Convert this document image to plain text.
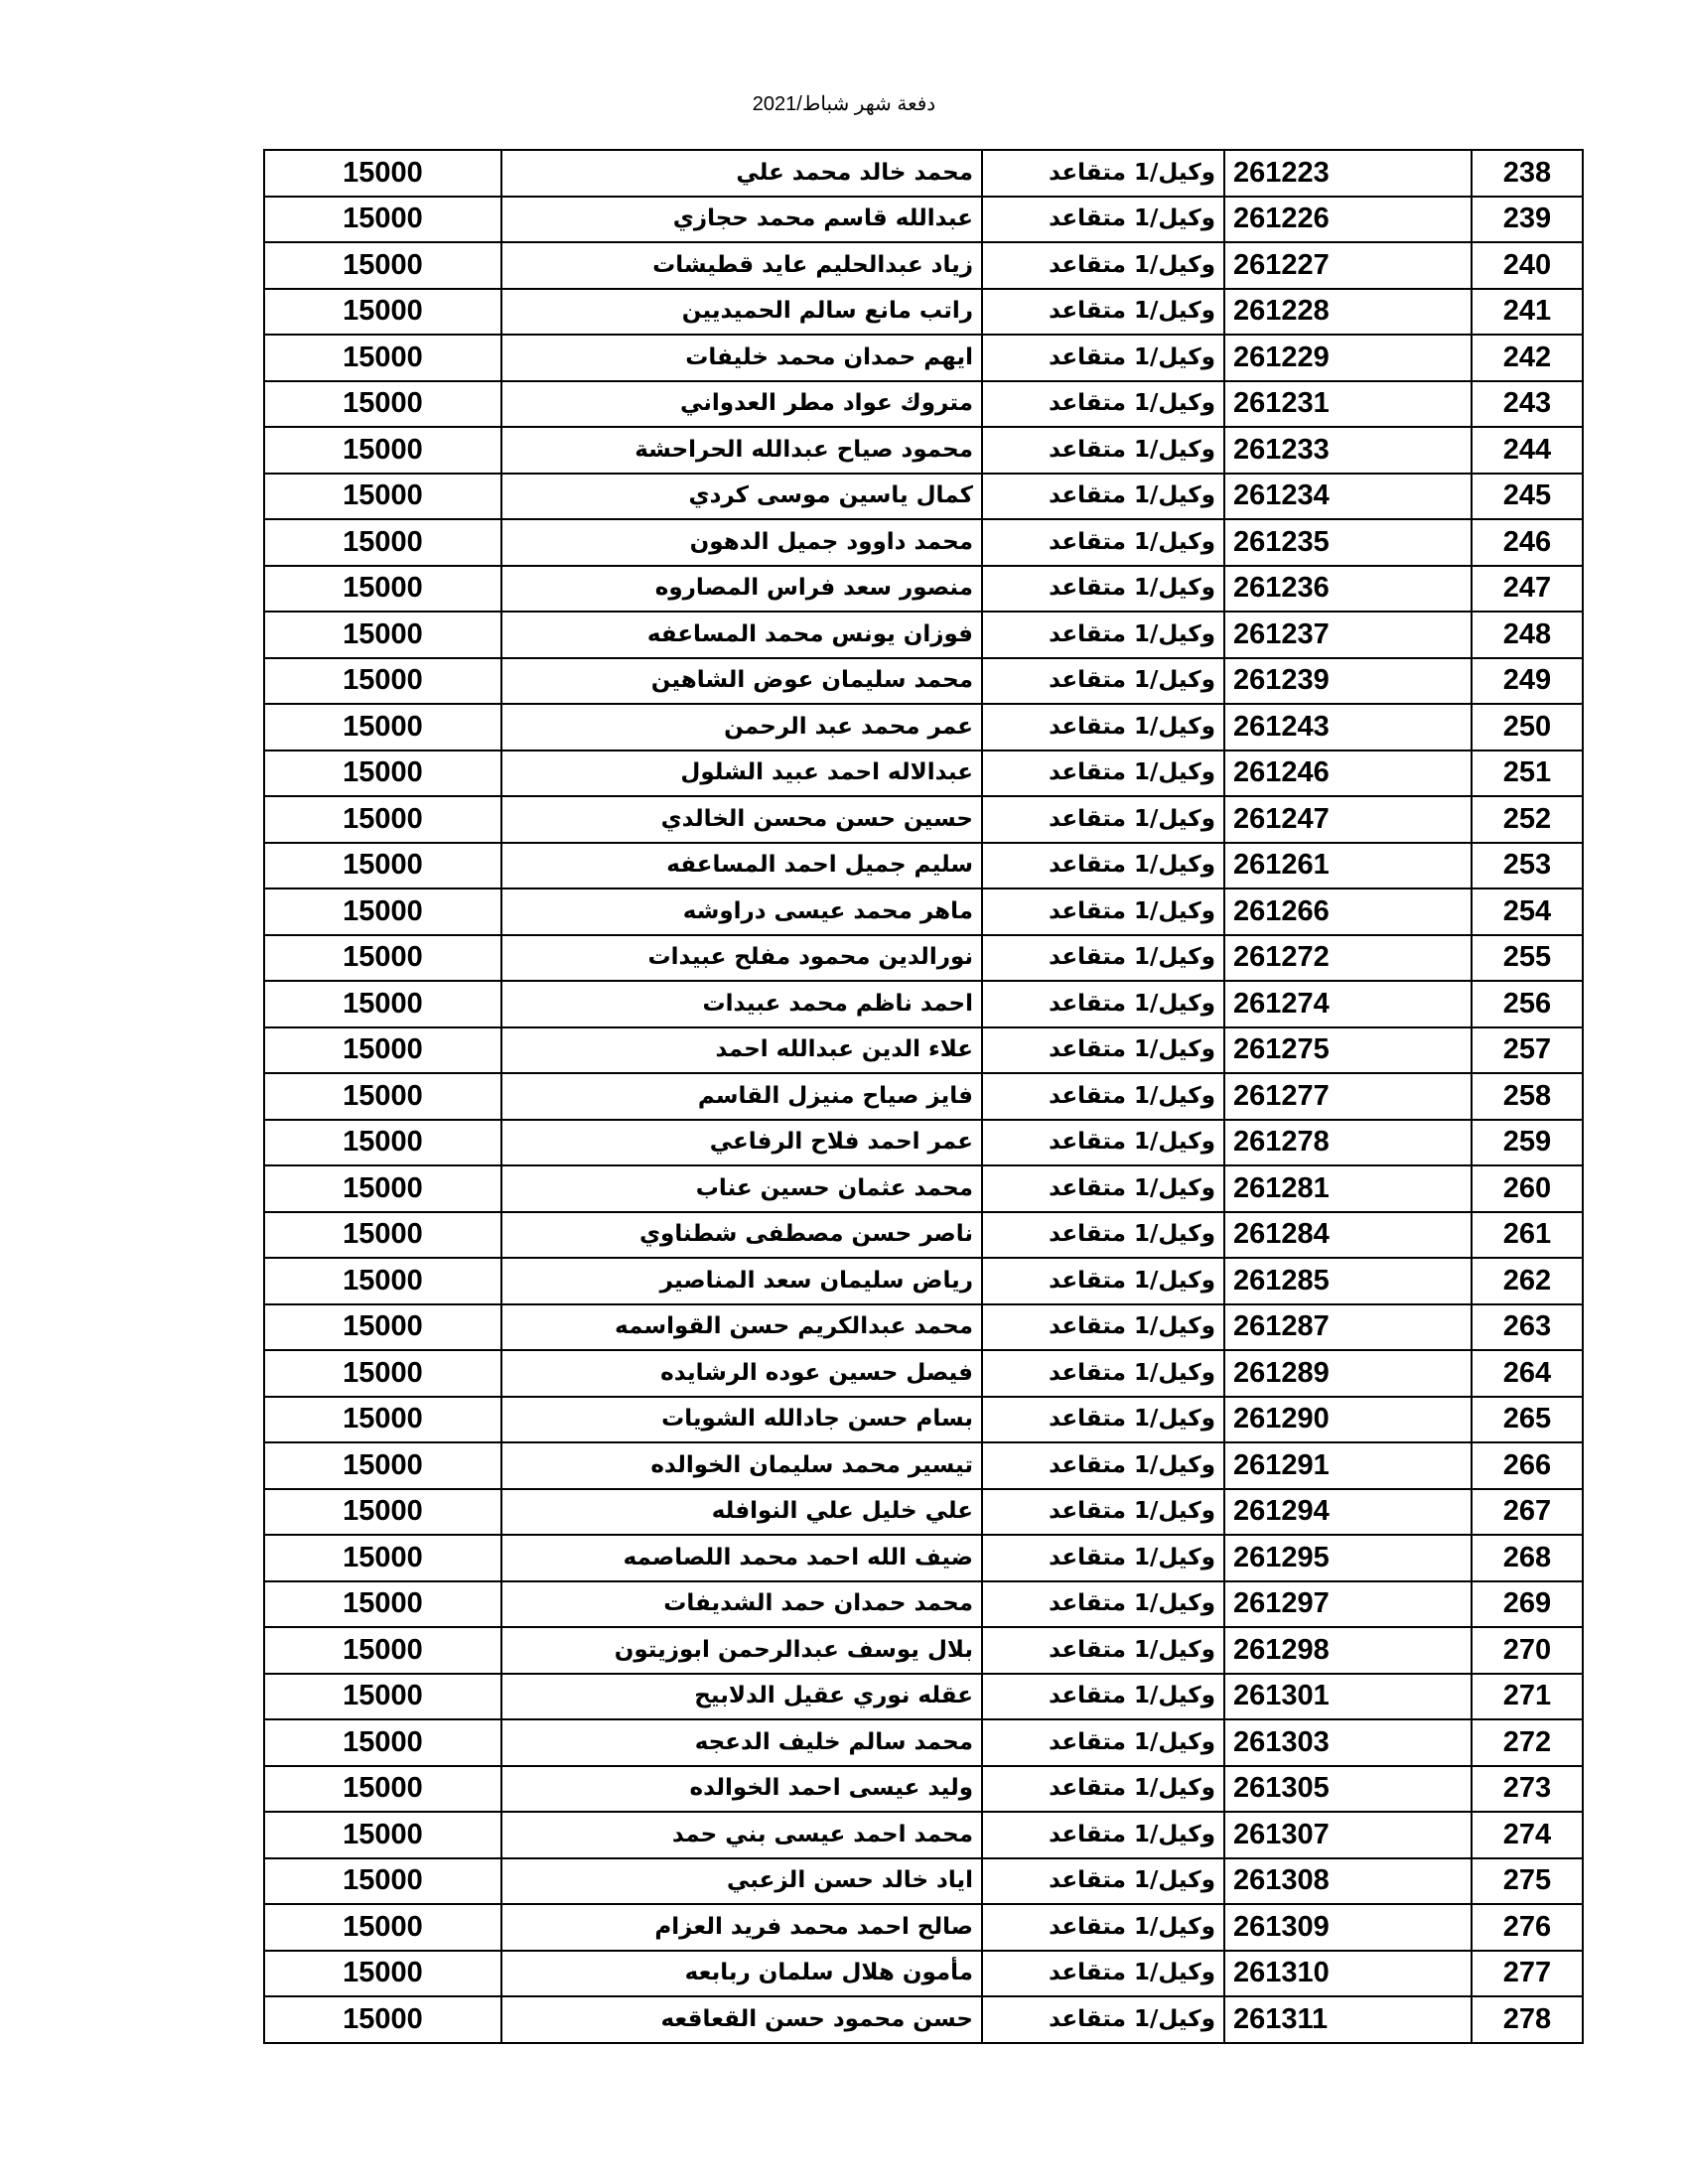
دفعة شهر شباط/2021
238	261223	وكيل/1 متقاعد	محمد خالد محمد علي	15000
239	261226	وكيل/1 متقاعد	عبدالله قاسم محمد حجازي	15000
240	261227	وكيل/1 متقاعد	زياد عبدالحليم عايد قطيشات	15000
241	261228	وكيل/1 متقاعد	راتب مانع سالم الحميديين	15000
242	261229	وكيل/1 متقاعد	ايهم حمدان محمد خليفات	15000
243	261231	وكيل/1 متقاعد	متروك عواد مطر العدواني	15000
244	261233	وكيل/1 متقاعد	محمود صياح عبدالله الحراحشة	15000
245	261234	وكيل/1 متقاعد	كمال ياسين موسى كردي	15000
246	261235	وكيل/1 متقاعد	محمد داوود جميل الدهون	15000
247	261236	وكيل/1 متقاعد	منصور سعد فراس المصاروه	15000
248	261237	وكيل/1 متقاعد	فوزان يونس محمد المساعفه	15000
249	261239	وكيل/1 متقاعد	محمد سليمان عوض الشاهين	15000
250	261243	وكيل/1 متقاعد	عمر محمد عبد الرحمن	15000
251	261246	وكيل/1 متقاعد	عبدالاله احمد عبيد الشلول	15000
252	261247	وكيل/1 متقاعد	حسين حسن محسن الخالدي	15000
253	261261	وكيل/1 متقاعد	سليم جميل احمد المساعفه	15000
254	261266	وكيل/1 متقاعد	ماهر محمد عيسى دراوشه	15000
255	261272	وكيل/1 متقاعد	نورالدين محمود مفلح عبيدات	15000
256	261274	وكيل/1 متقاعد	احمد ناظم محمد عبيدات	15000
257	261275	وكيل/1 متقاعد	علاء الدين عبدالله احمد	15000
258	261277	وكيل/1 متقاعد	فايز صياح منيزل القاسم	15000
259	261278	وكيل/1 متقاعد	عمر احمد فلاح الرفاعي	15000
260	261281	وكيل/1 متقاعد	محمد عثمان حسين عناب	15000
261	261284	وكيل/1 متقاعد	ناصر حسن مصطفى شطناوي	15000
262	261285	وكيل/1 متقاعد	رياض سليمان سعد المناصير	15000
263	261287	وكيل/1 متقاعد	محمد عبدالكريم حسن القواسمه	15000
264	261289	وكيل/1 متقاعد	فيصل حسين عوده الرشايده	15000
265	261290	وكيل/1 متقاعد	بسام حسن جادالله الشويات	15000
266	261291	وكيل/1 متقاعد	تيسير محمد سليمان الخوالده	15000
267	261294	وكيل/1 متقاعد	علي خليل علي النوافله	15000
268	261295	وكيل/1 متقاعد	ضيف الله احمد محمد اللصاصمه	15000
269	261297	وكيل/1 متقاعد	محمد حمدان حمد الشديفات	15000
270	261298	وكيل/1 متقاعد	بلال يوسف عبدالرحمن ابوزيتون	15000
271	261301	وكيل/1 متقاعد	عقله نوري عقيل الدلابيح	15000
272	261303	وكيل/1 متقاعد	محمد سالم خليف الدعجه	15000
273	261305	وكيل/1 متقاعد	وليد عيسى احمد الخوالده	15000
274	261307	وكيل/1 متقاعد	محمد احمد عيسى بني حمد	15000
275	261308	وكيل/1 متقاعد	اياد خالد حسن الزعبي	15000
276	261309	وكيل/1 متقاعد	صالح احمد محمد فريد العزام	15000
277	261310	وكيل/1 متقاعد	مأمون هلال سلمان ربابعه	15000
278	261311	وكيل/1 متقاعد	حسن محمود حسن القعاقعه	15000
